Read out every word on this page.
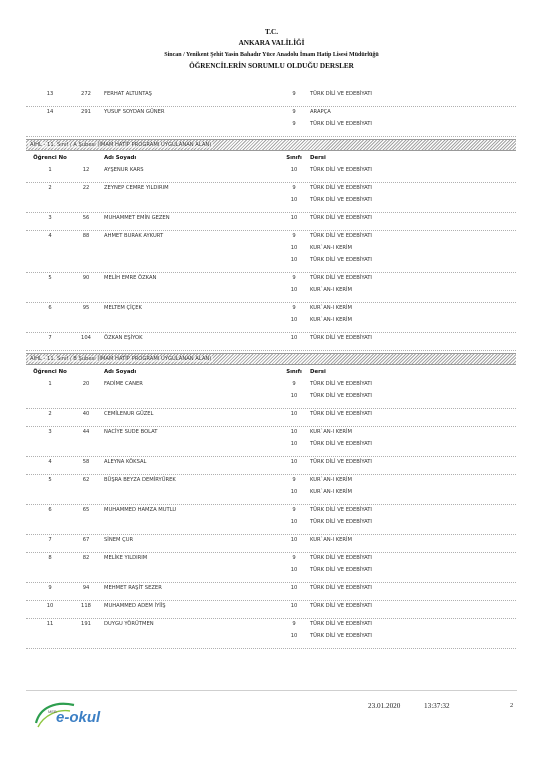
T.C.
ANKARA VALİLİĞİ
Sincan / Yenikent Şehit Yasin Bahadır Yüce Anadolu İmam Hatip Lisesi Müdürlüğü
ÖĞRENCİLERİN SORUMLU OLDUĞU DERSLER
13	272	FERHAT ALTUNTAŞ	9	TÜRK DİLİ VE EDEBİYATI
14	291	YUSUF SOYDAN GÜNER	9	ARAPÇA
9	TÜRK DİLİ VE EDEBİYATI
AİHL - 11. Sınıf / A Şubesi (İMAM HATİP PROGRAMI UYGULANAN ALAN)
Öğrenci No	Adı Soyadı	Sınıfı	Dersi
1	12	AYŞENUR KARS	10	TÜRK DİLİ VE EDEBİYATI
2	22	ZEYNEP CEMRE YILDIRIM	9	TÜRK DİLİ VE EDEBİYATI
10	TÜRK DİLİ VE EDEBİYATI
3	56	MUHAMMET EMİN GEZEN	10	TÜRK DİLİ VE EDEBİYATI
4	88	AHMET BURAK AYKURT	9	TÜRK DİLİ VE EDEBİYATI
10	KUR`AN-I KERİM
10	TÜRK DİLİ VE EDEBİYATI
5	90	MELİH EMRE ÖZKAN	9	TÜRK DİLİ VE EDEBİYATI
10	KUR`AN-I KERİM
6	95	MELTEM ÇİÇEK	9	KUR`AN-I KERİM
10	KUR`AN-I KERİM
7	104	ÖZKAN EŞİYOK	10	TÜRK DİLİ VE EDEBİYATI
AİHL - 11. Sınıf / B Şubesi (İMAM HATİP PROGRAMI UYGULANAN ALAN)
Öğrenci No	Adı Soyadı	Sınıfı	Dersi
1	20	FADİME CANER	9	TÜRK DİLİ VE EDEBİYATI
10	TÜRK DİLİ VE EDEBİYATI
2	40	CEMİLENUR GÜZEL	10	TÜRK DİLİ VE EDEBİYATI
3	44	NACİYE SUDE BOLAT	10	KUR`AN-I KERİM
10	TÜRK DİLİ VE EDEBİYATI
4	58	ALEYNA KÖKSAL	10	TÜRK DİLİ VE EDEBİYATI
5	62	BÜŞRA BEYZA DEMİRYÜREK	9	KUR`AN-I KERİM
10	KUR`AN-I KERİM
6	65	MUHAMMED HAMZA MUTLU	9	TÜRK DİLİ VE EDEBİYATI
10	TÜRK DİLİ VE EDEBİYATI
7	67	SİNEM ÇUR	10	KUR`AN-I KERİM
8	82	MELİKE YILDIRIM	9	TÜRK DİLİ VE EDEBİYATI
10	TÜRK DİLİ VE EDEBİYATI
9	94	MEHMET RAŞİT SEZER	10	TÜRK DİLİ VE EDEBİYATI
10	118	MUHAMMED ADEM İYİİŞ	10	TÜRK DİLİ VE EDEBİYATI
11	191	DUYGU YÖRÜTMEN	9	TÜRK DİLİ VE EDEBİYATI
10	TÜRK DİLİ VE EDEBİYATI
MEB e-okul
23.01.2020	13:37:32	2
